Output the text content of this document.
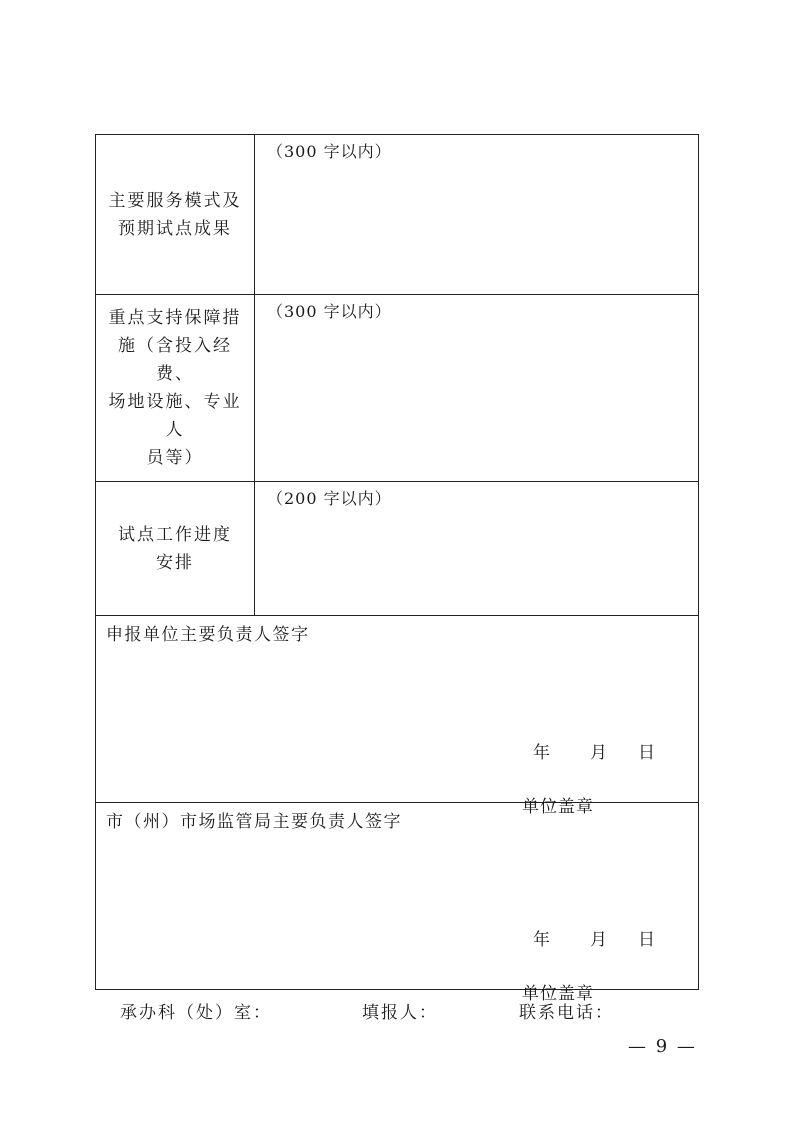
主要服务模式及
预期试点成果
（300 字以内）
重点支持保障措
施（含投入经费、
场地设施、专业人
员等）
（300 字以内）
试点工作进度
安排
（200 字以内）
申报单位主要负责人签字
年 月 日
单位盖章
市（州）市场监管局主要负责人签字
年 月 日
单位盖章
承办科（处）室：	填报人：	联系电话：
— 9 —
